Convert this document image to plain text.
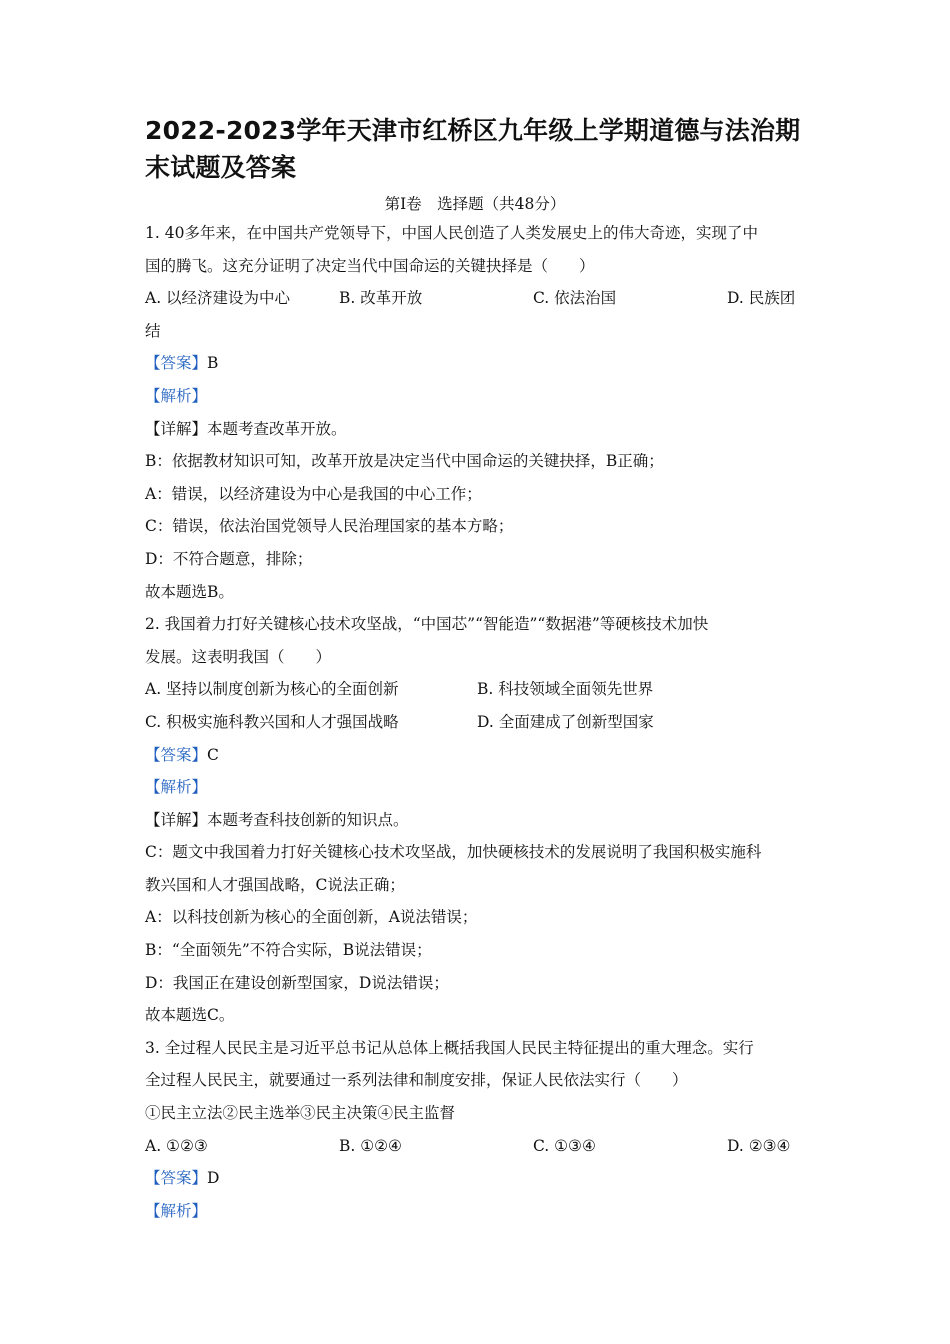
2022-2023学年天津市红桥区九年级上学期道德与法治期末试题及答案
第Ⅰ卷　选择题（共48分）
1. 40多年来，在中国共产党领导下，中国人民创造了人类发展史上的伟大奇迹，实现了中
国的腾飞。这充分证明了决定当代中国命运的关键抉择是（　　）
A. 以经济建设为中心	B. 改革开放	C. 依法治国	D. 民族团
结
【答案】B
【解析】
【详解】本题考查改革开放。
B：依据教材知识可知，改革开放是决定当代中国命运的关键抉择，B正确；
A：错误，以经济建设为中心是我国的中心工作；
C：错误，依法治国党领导人民治理国家的基本方略；
D：不符合题意，排除；
故本题选B。
2. 我国着力打好关键核心技术攻坚战，“中国芯”“智能造”“数据港”等硬核技术加快
发展。这表明我国（　　）
A. 坚持以制度创新为核心的全面创新	B. 科技领域全面领先世界
C. 积极实施科教兴国和人才强国战略	D. 全面建成了创新型国家
【答案】C
【解析】
【详解】本题考查科技创新的知识点。
C：题文中我国着力打好关键核心技术攻坚战，加快硬核技术的发展说明了我国积极实施科
教兴国和人才强国战略，C说法正确；
A：以科技创新为核心的全面创新，A说法错误；
B：“全面领先”不符合实际，B说法错误；
D：我国正在建设创新型国家，D说法错误；
故本题选C。
3. 全过程人民民主是习近平总书记从总体上概括我国人民民主特征提出的重大理念。实行
全过程人民民主，就要通过一系列法律和制度安排，保证人民依法实行（　　）
①民主立法②民主选举③民主决策④民主监督
A. ①②③	B. ①②④	C. ①③④	D. ②③④
【答案】D
【解析】
